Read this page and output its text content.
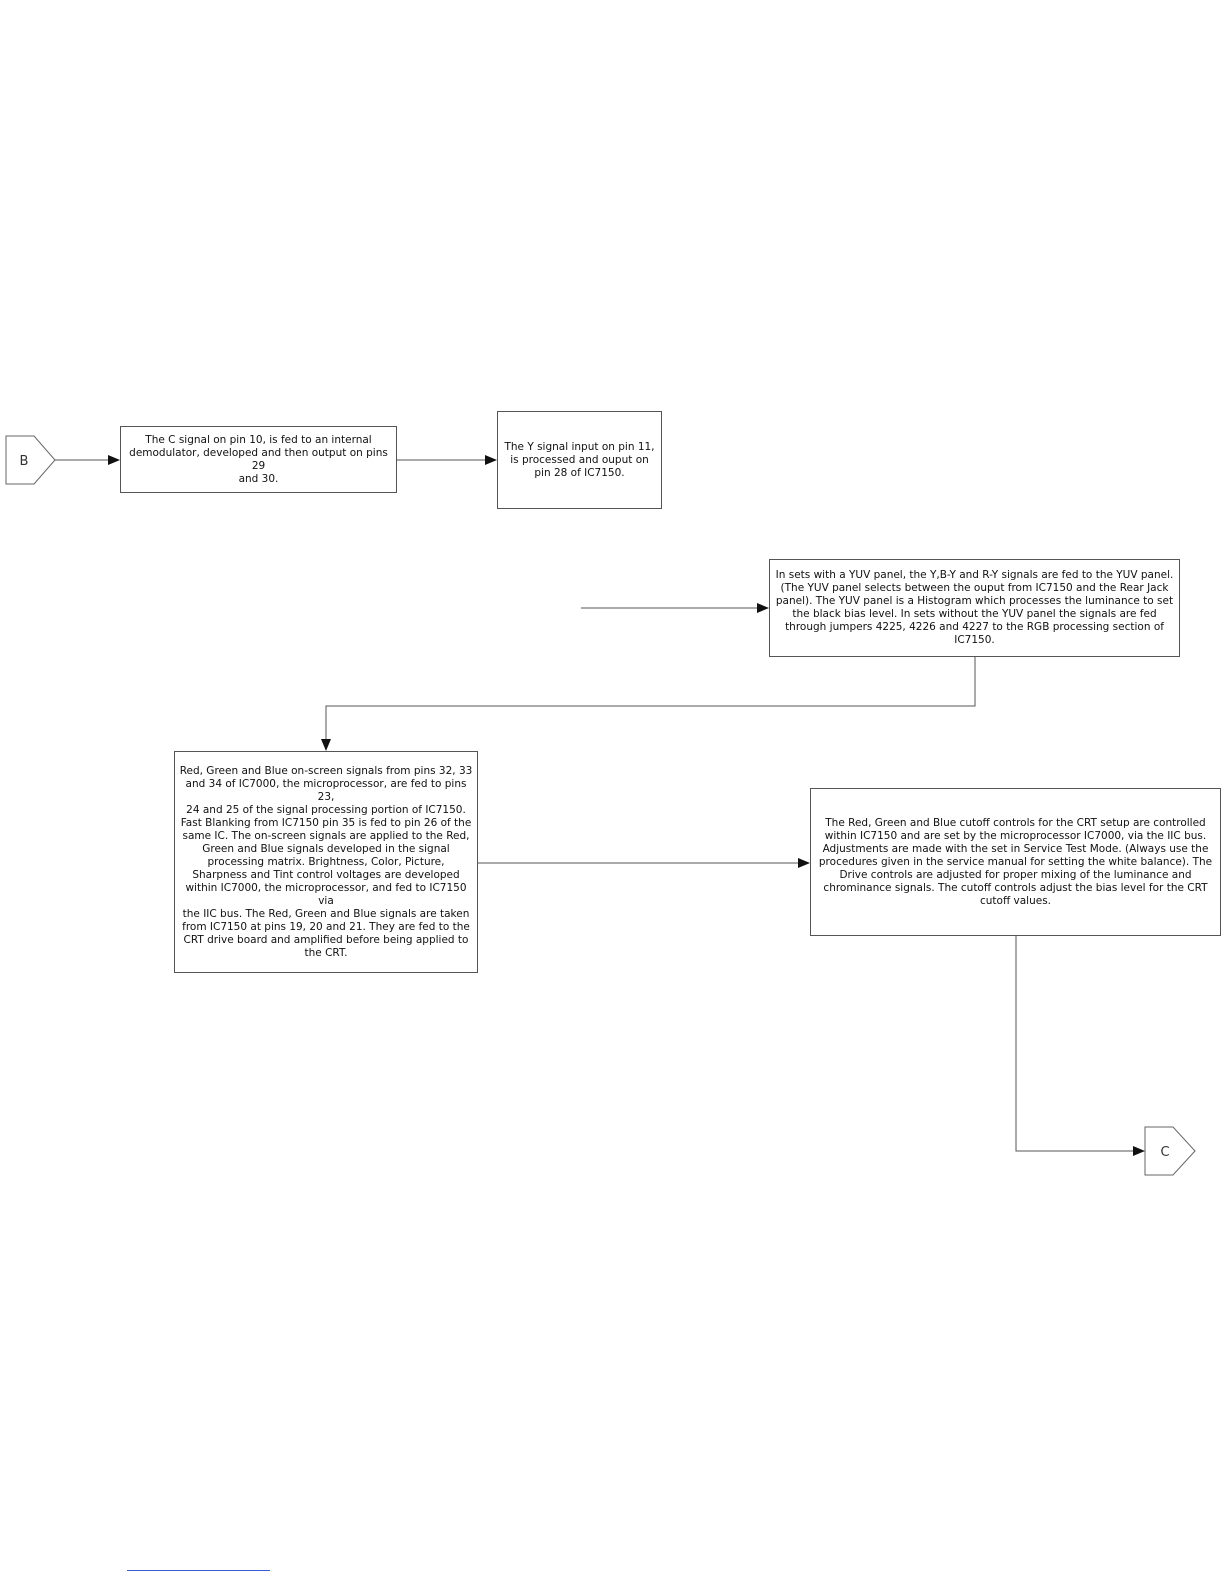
B
C
The C signal on pin 10, is fed to an internal
demodulator, developed and then output on pins 29
and 30.
The Y signal input on pin 11,
is processed and ouput on
pin 28 of IC7150.
In sets with a YUV panel, the Y,B-Y and R-Y signals are fed to the YUV panel.
(The YUV panel selects between the ouput from IC7150 and the Rear Jack
panel). The YUV panel is a Histogram which processes the luminance to set
the black bias level. In sets without the YUV panel the signals are fed
through jumpers 4225, 4226 and 4227 to the RGB processing section of
IC7150.
Red, Green and Blue on-screen signals from pins 32, 33
and 34 of IC7000, the microprocessor, are fed to pins 23,
24 and 25 of the signal processing portion of IC7150.
Fast Blanking from IC7150 pin 35 is fed to pin 26 of the
same IC. The on-screen signals are applied to the Red,
Green and Blue signals developed in the signal
processing matrix. Brightness, Color, Picture,
Sharpness and Tint control voltages are developed
within IC7000, the microprocessor, and fed to IC7150 via
the IIC bus. The Red, Green and Blue signals are taken
from IC7150 at pins 19, 20 and 21. They are fed to the
CRT drive board and amplified before being applied to
the CRT.
The Red, Green and Blue cutoff controls for the CRT setup are controlled
within IC7150 and are set by the microprocessor IC7000, via the IIC bus.
Adjustments are made with the set in Service Test Mode. (Always use the
procedures given in the service manual for setting the white balance). The
Drive controls are adjusted for proper mixing of the luminance and
chrominance signals. The cutoff controls adjust the bias level for the CRT
cutoff values.
